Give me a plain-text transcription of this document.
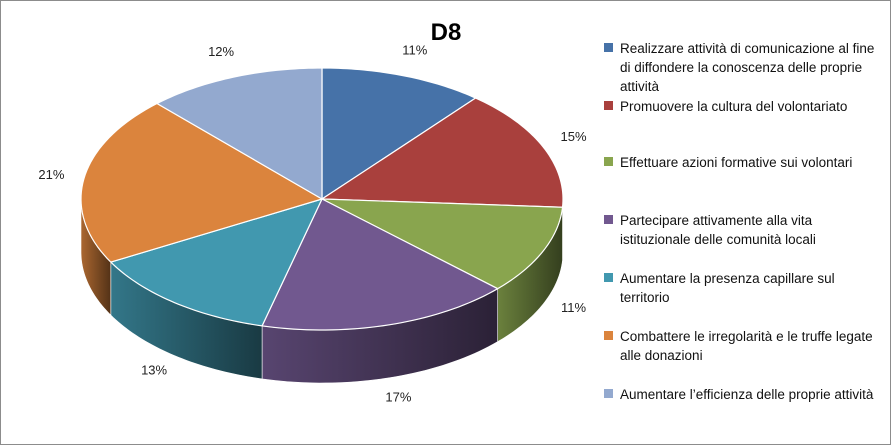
D8
11%
15%
11%
17%
13%
21%
12%	Realizzare attività di comunicazione al fine di diffondere la conoscenza delle proprie attività
Promuovere la cultura del volontariato
Effettuare azioni formative sui volontari
Partecipare attivamente alla vita istituzionale delle comunità locali
Aumentare la presenza capillare sul territorio
Combattere le irregolarità e le truffe legate alle donazioni
Aumentare l’efficienza delle proprie attività
